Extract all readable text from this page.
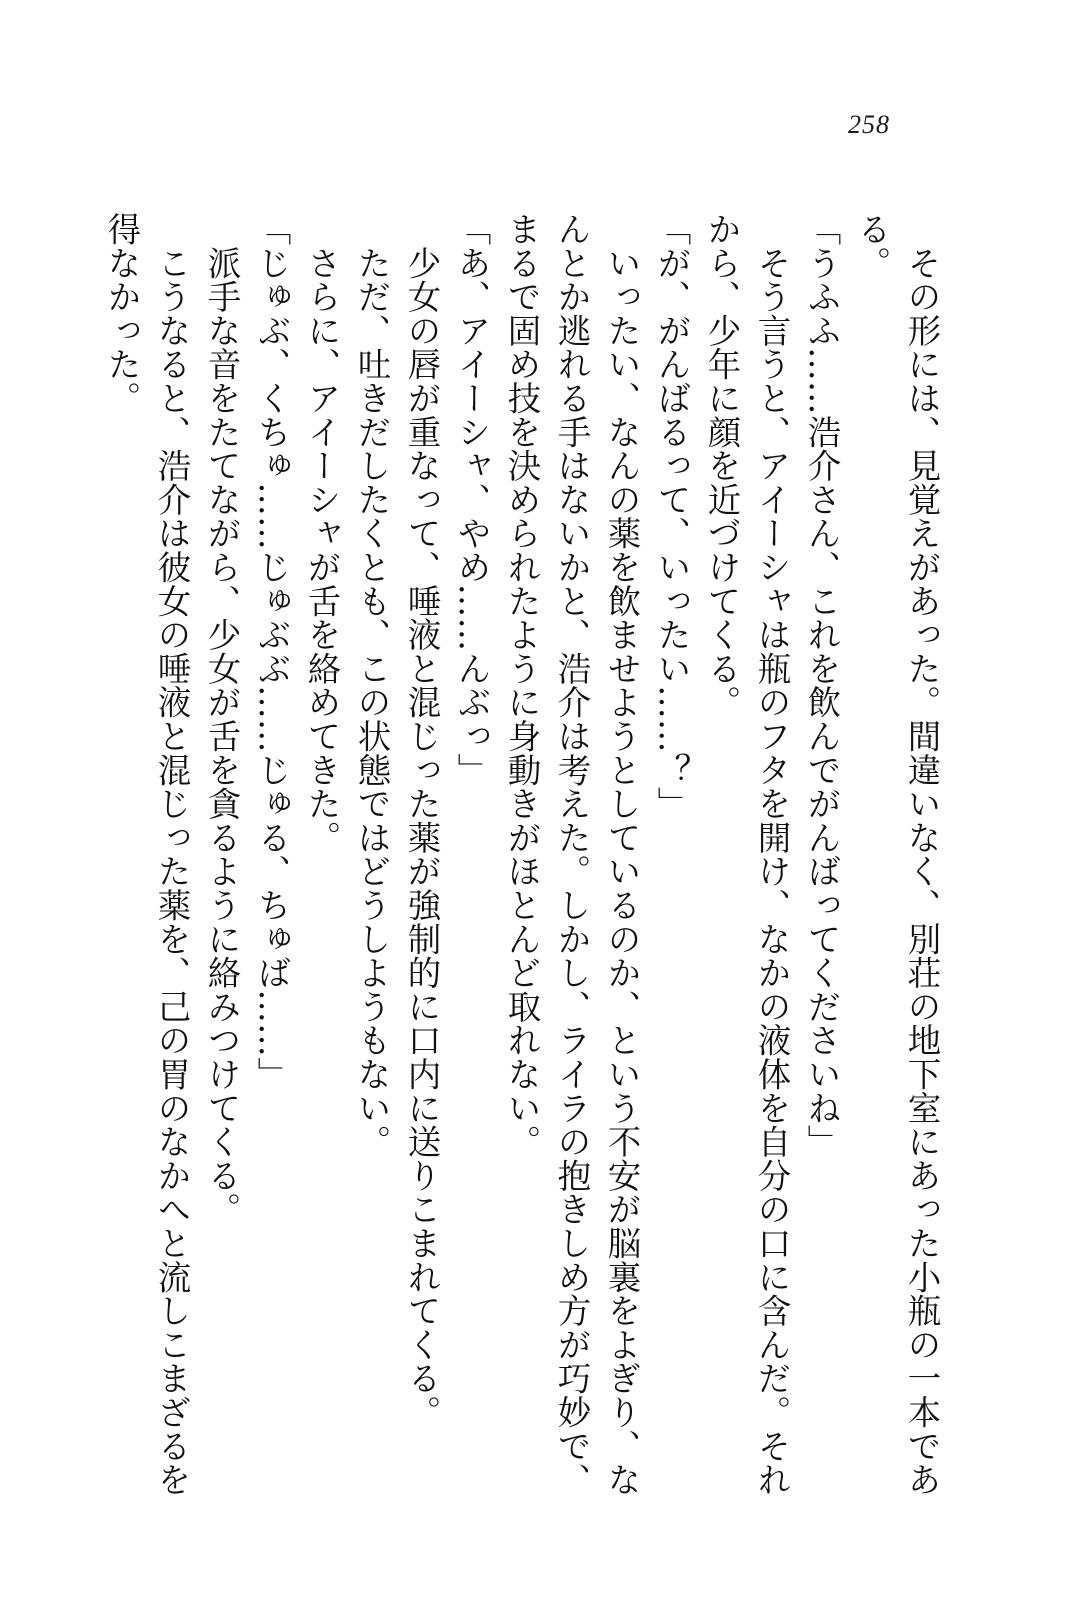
258
　その形には、見覚えがあった。間違いなく、別荘の地下室にあった小瓶の一本であ
る。
「うふふ……浩介さん、これを飲んでがんばってくださいね」
　そう言うと、アイーシャは瓶のフタを開け、なかの液体を自分の口に含んだ。それ
から、少年に顔を近づけてくる。
「が、がんばるって、いったい……？」
　いったい、なんの薬を飲ませようとしているのか、という不安が脳裏をよぎり、な
んとか逃れる手はないかと、浩介は考えた。しかし、ライラの抱きしめ方が巧妙で、
まるで固め技を決められたように身動きがほとんど取れない。
「あ、アイーシャ、やめ……んぶっ」
　少女の唇が重なって、唾液と混じった薬が強制的に口内に送りこまれてくる。
　ただ、吐きだしたくとも、この状態ではどうしようもない。
　さらに、アイーシャが舌を絡めてきた。
「じゅぶ、くちゅ……じゅぶぶ……じゅる、ちゅば……」
　派手な音をたてながら、少女が舌を貪るように絡みつけてくる。
　こうなると、浩介は彼女の唾液と混じった薬を、己の胃のなかへと流しこまざるを
得なかった。
